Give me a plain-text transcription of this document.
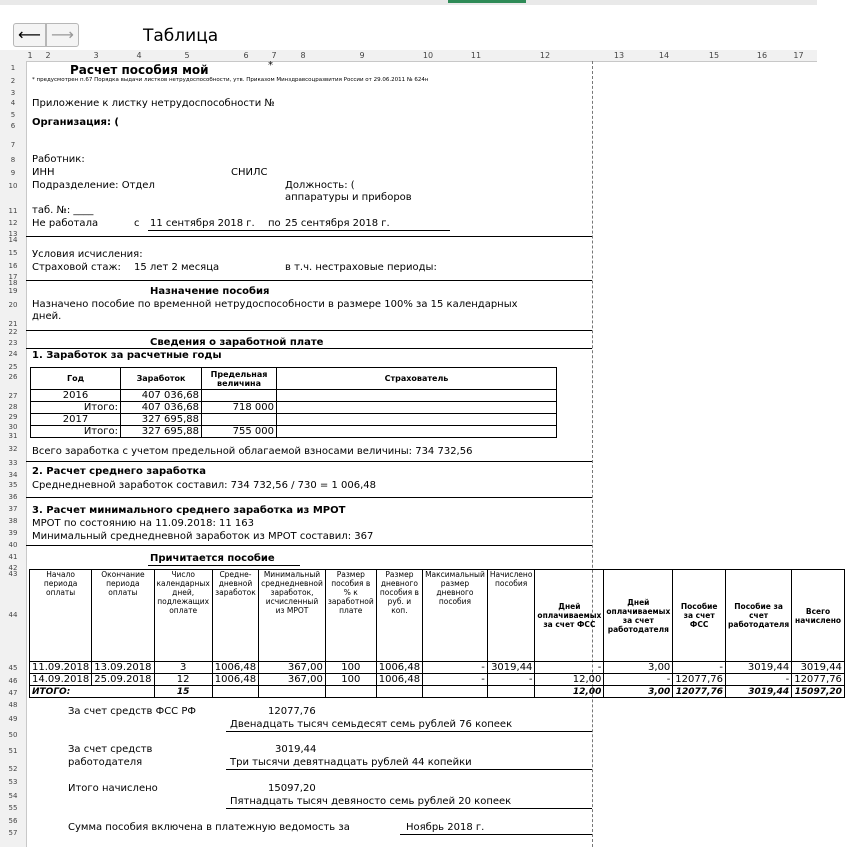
⟵ ⟶	Таблица
1	2	3	4	5	6	7	8	9	10	11	12	13	14	15	16	17
1
2
3
4
5
6
7
8
9
10
11
12
13
14
15
16
17
18
19
20
21
22
23
24
25
26
27
28
29
30
31
32
33
34
35
36
37
38
39
40
41
42
43
44
45
46
47
48
49
50
51
52
53
54
55
56
57
Расчет пособия мой	*
* предусмотрен п.67 Порядка выдачи листков нетрудоспособности, утв. Приказом Минздравсоцразвития России от 29.06.2011 № 624н
Приложение к листку нетрудоспособности №
Организация: (
Работник:
ИНН	СНИЛС
Подразделение: Отдел	Должность: (
аппаратуры и приборов
таб. №: ____
Не работала	с 11 сентября 2018 г. по 25 сентября 2018 г.
Условия исчисления:
Страховой стаж: 15 лет 2 месяца	в т.ч. нестраховые периоды:
Назначение пособия
Назначено пособие по временной нетрудоспособности в размере 100% за 15 календарных
дней.
Сведения о заработной плате
1. Заработок за расчетные годы
Год	Заработок	Предельная величина	Страхователь
2016	407 036,68		
Итого:	407 036,68	718 000	
2017	327 695,88		
Итого:	327 695,88	755 000	
Всего заработка с учетом предельной облагаемой взносами величины: 734 732,56
2. Расчет среднего заработка
Среднедневной заработок составил: 734 732,56 / 730 = 1 006,48
3. Расчет минимального среднего заработка из МРОТ
МРОТ по состоянию на 11.09.2018: 11 163
Минимальный среднедневной заработок из МРОТ составил: 367
Причитается пособие
Начало периода оплаты	Окончание периода оплаты	Число календарных дней, подлежащих оплате	Средне-дневной заработок	Минимальный среднедневной заработок, исчисленный из МРОТ	Размер пособия в % к заработной плате	Размер дневного пособия в руб. и коп.	Максимальный размер дневного пособия	Начислено пособия	Дней оплачиваемых за счет ФСС	Дней оплачиваемых за счет работодателя	Пособие за счет ФСС	Пособие за счет работодателя	Всего начислено
11.09.2018	13.09.2018	3	1006,48	367,00	100	1006,48	-	3019,44	-	3,00	-	3019,44	3019,44
14.09.2018	25.09.2018	12	1006,48	367,00	100	1006,48	-	-	12,00	-	12077,76	-	12077,76
ИТОГО:		15							12,00	3,00	12077,76	3019,44	15097,20
За счет средств ФСС РФ	12077,76
Двенадцать тысяч семьдесят семь рублей 76 копеек
За счет средств
работодателя
3019,44
Три тысячи девятнадцать рублей 44 копейки
Итого начислено	15097,20
Пятнадцать тысяч девяносто семь рублей 20 копеек
Сумма пособия включена в платежную ведомость за	Ноябрь 2018 г.
